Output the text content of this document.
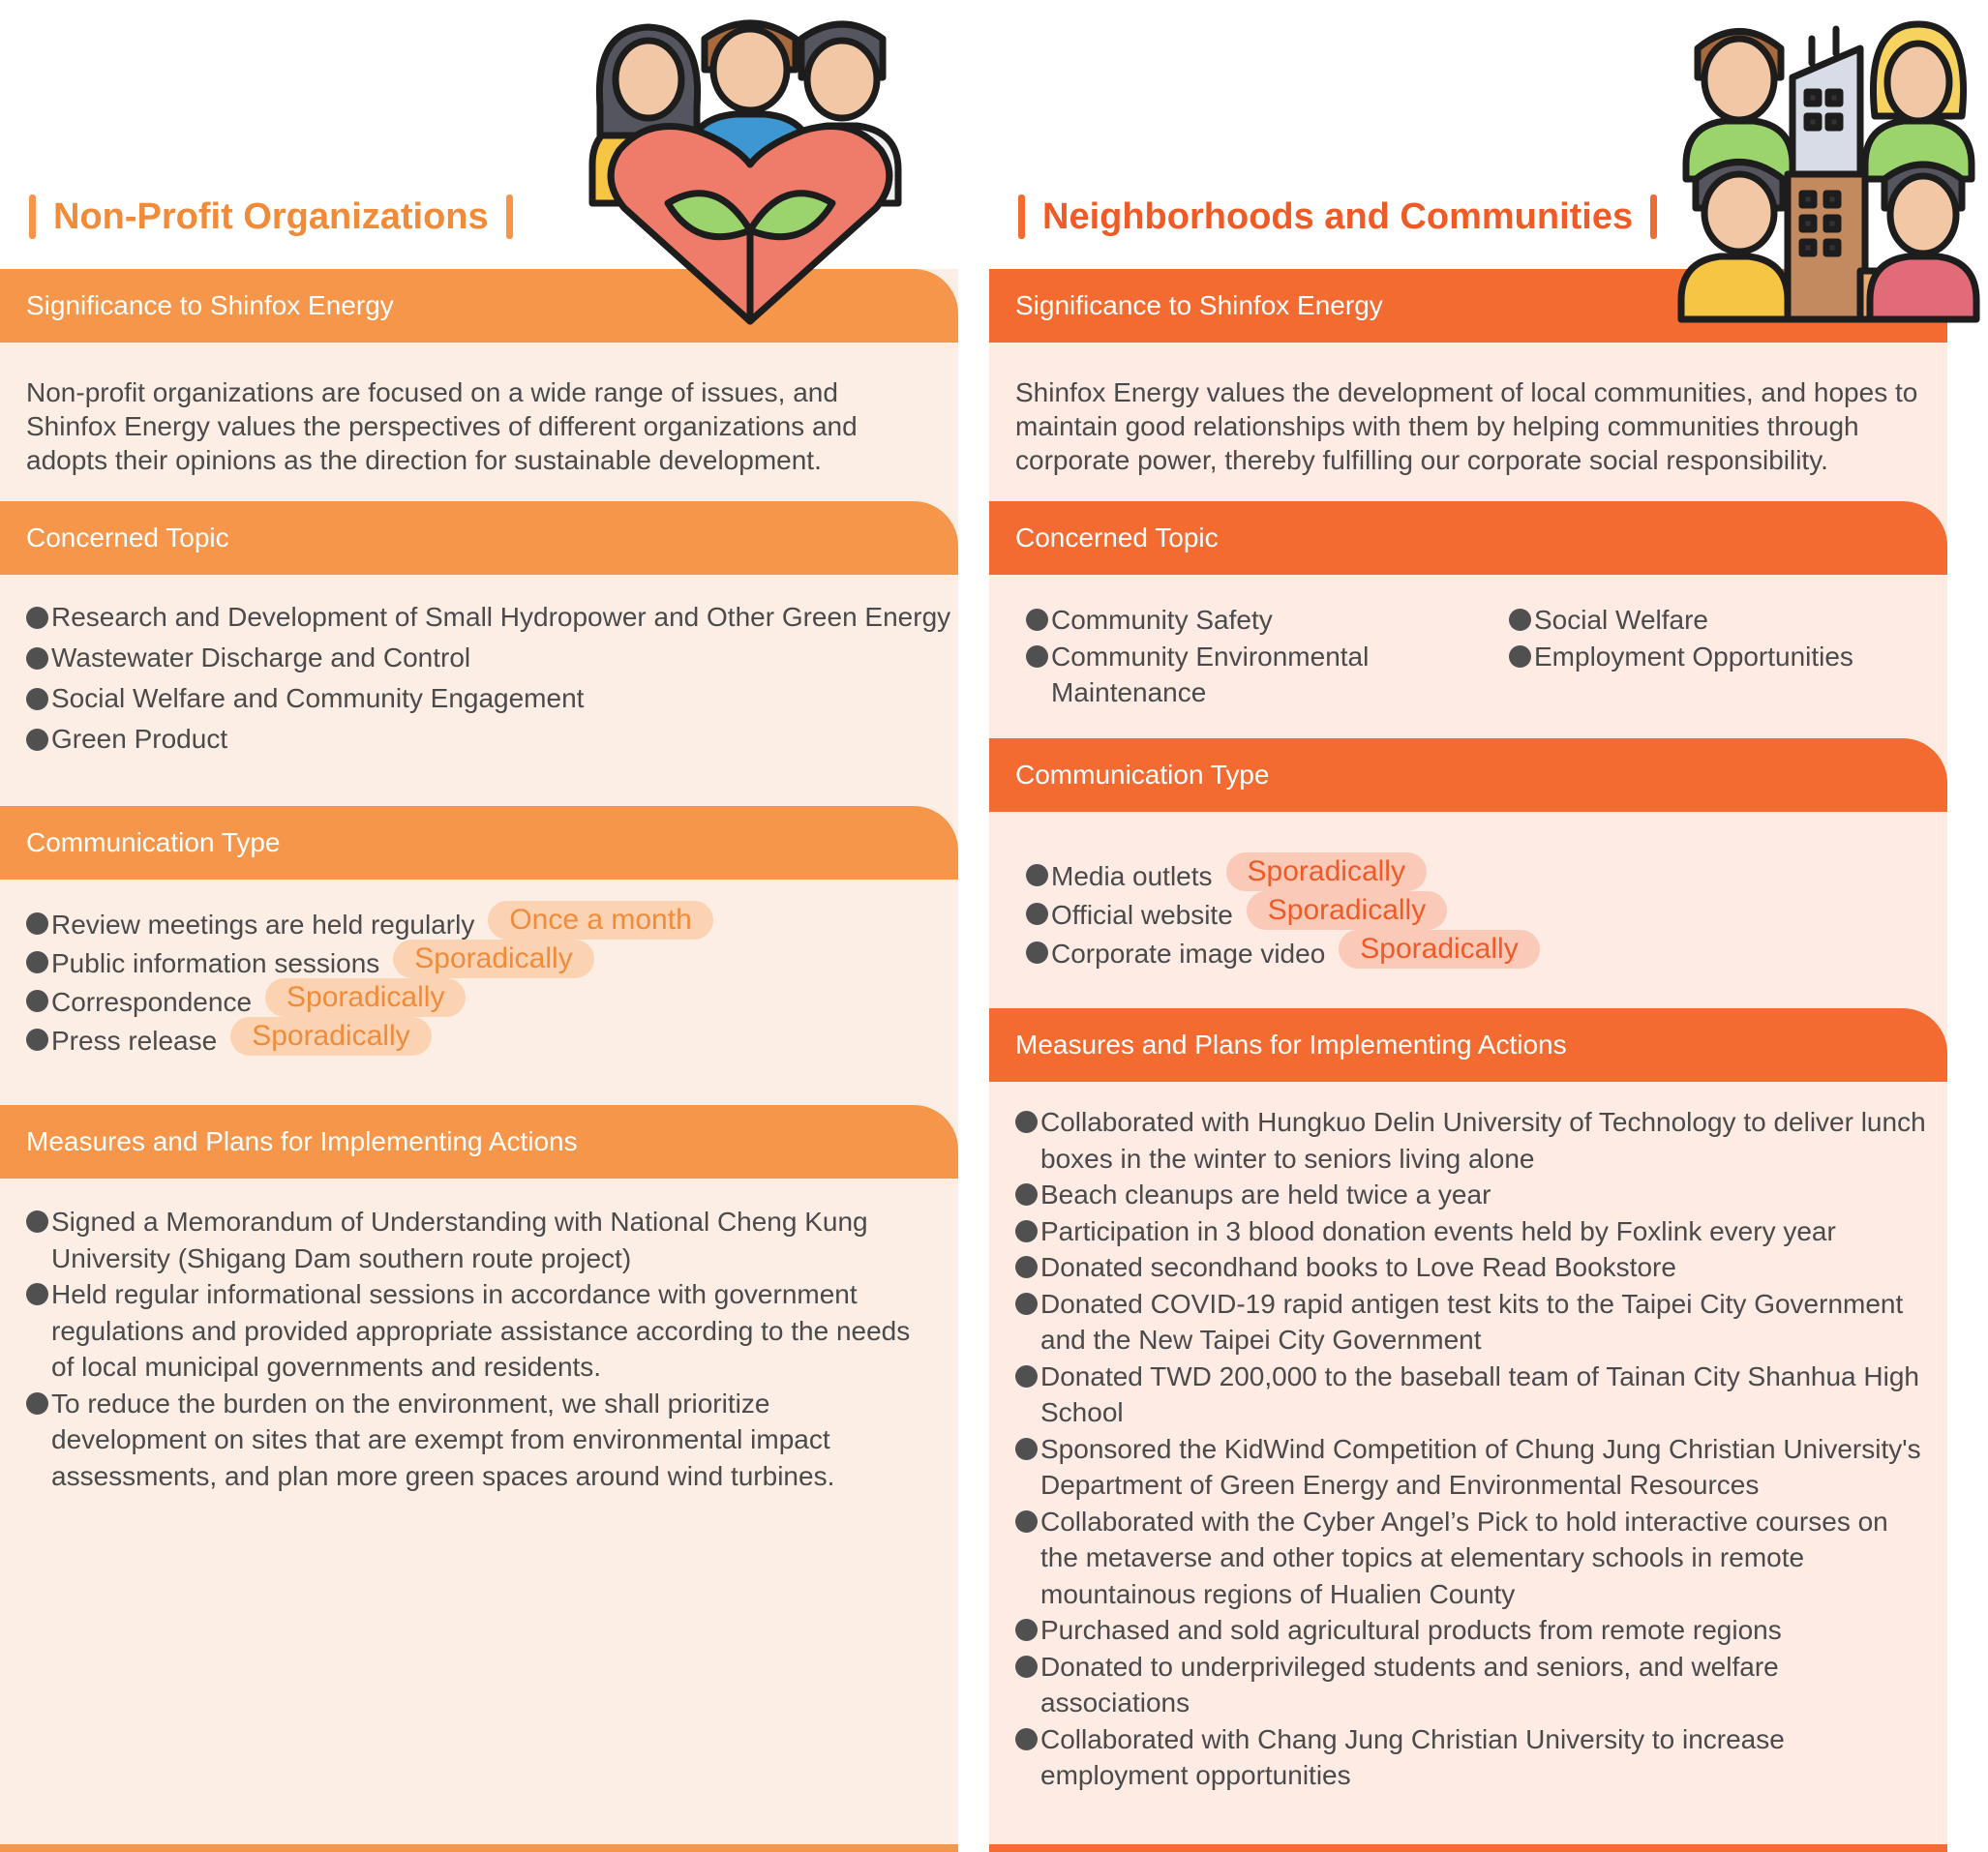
Non-Profit Organizations
Significance to Shinfox Energy
Non-profit organizations are focused on a wide range of issues, and Shinfox Energy values the perspectives of different organizations and adopts their opinions as the direction for sustainable development.
Concerned Topic
Research and Development of Small Hydropower and Other Green Energy
Wastewater Discharge and Control
Social Welfare and Community Engagement
Green Product
Communication Type
Review meetings are held regularly	Once a month
Public information sessions	Sporadically
Correspondence	Sporadically
Press release	Sporadically
Measures and Plans for Implementing Actions
Signed a Memorandum of Understanding with National Cheng Kung University (Shigang Dam southern route project)
Held regular informational sessions in accordance with government regulations and provided appropriate assistance according to the needs of local municipal governments and residents.
To reduce the burden on the environment, we shall prioritize development on sites that are exempt from environmental impact assessments, and plan more green spaces around wind turbines.
Neighborhoods and Communities
Significance to Shinfox Energy
Shinfox Energy values the development of local communities, and hopes to maintain good relationships with them by helping communities through corporate power, thereby fulfilling our corporate social responsibility.
Concerned Topic
Community Safety
Community Environmental Maintenance
Social Welfare
Employment Opportunities
Communication Type
Media outlets	Sporadically
Official website	Sporadically
Corporate image video	Sporadically
Measures and Plans for Implementing Actions
Collaborated with Hungkuo Delin University of Technology to deliver lunch boxes in the winter to seniors living alone
Beach cleanups are held twice a year
Participation in 3 blood donation events held by Foxlink every year
Donated secondhand books to Love Read Bookstore
Donated COVID-19 rapid antigen test kits to the Taipei City Government and the New Taipei City Government
Donated TWD 200,000 to the baseball team of Tainan City Shanhua High School
Sponsored the KidWind Competition of Chung Jung Christian University's Department of Green Energy and Environmental Resources
Collaborated with the Cyber Angel’s Pick to hold interactive courses on the metaverse and other topics at elementary schools in remote mountainous regions of Hualien County
Purchased and sold agricultural products from remote regions
Donated to underprivileged students and seniors, and welfare associations
Collaborated with Chang Jung Christian University to increase employment opportunities
